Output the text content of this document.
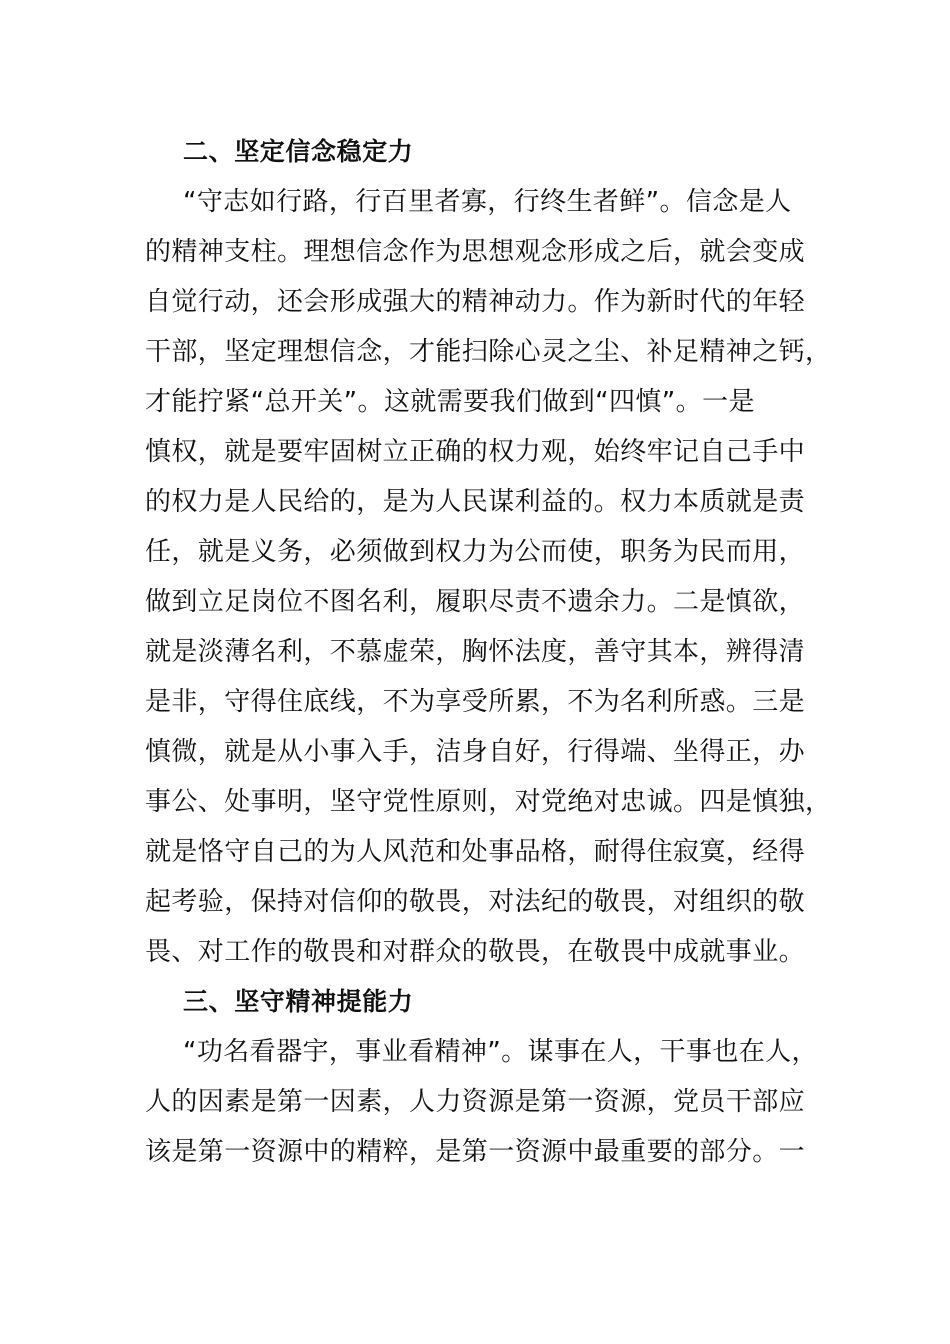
二、坚定信念稳定力
“守志如行路，行百里者寡，行终生者鲜”。信念是人
的精神支柱。理想信念作为思想观念形成之后，就会变成
自觉行动，还会形成强大的精神动力。作为新时代的年轻
干部，坚定理想信念，才能扫除心灵之尘、补足精神之钙，
才能拧紧“总开关”。这就需要我们做到“四慎”。一是
慎权，就是要牢固树立正确的权力观，始终牢记自己手中
的权力是人民给的，是为人民谋利益的。权力本质就是责
任，就是义务，必须做到权力为公而使，职务为民而用，
做到立足岗位不图名利，履职尽责不遗余力。二是慎欲，
就是淡薄名利，不慕虚荣，胸怀法度，善守其本，辨得清
是非，守得住底线，不为享受所累，不为名利所惑。三是
慎微，就是从小事入手，洁身自好，行得端、坐得正，办
事公、处事明，坚守党性原则，对党绝对忠诚。四是慎独，
就是恪守自己的为人风范和处事品格，耐得住寂寞，经得
起考验，保持对信仰的敬畏，对法纪的敬畏，对组织的敬
畏、对工作的敬畏和对群众的敬畏，在敬畏中成就事业。
三、坚守精神提能力
“功名看器宇，事业看精神”。谋事在人，干事也在人，
人的因素是第一因素，人力资源是第一资源，党员干部应
该是第一资源中的精粹，是第一资源中最重要的部分。一
